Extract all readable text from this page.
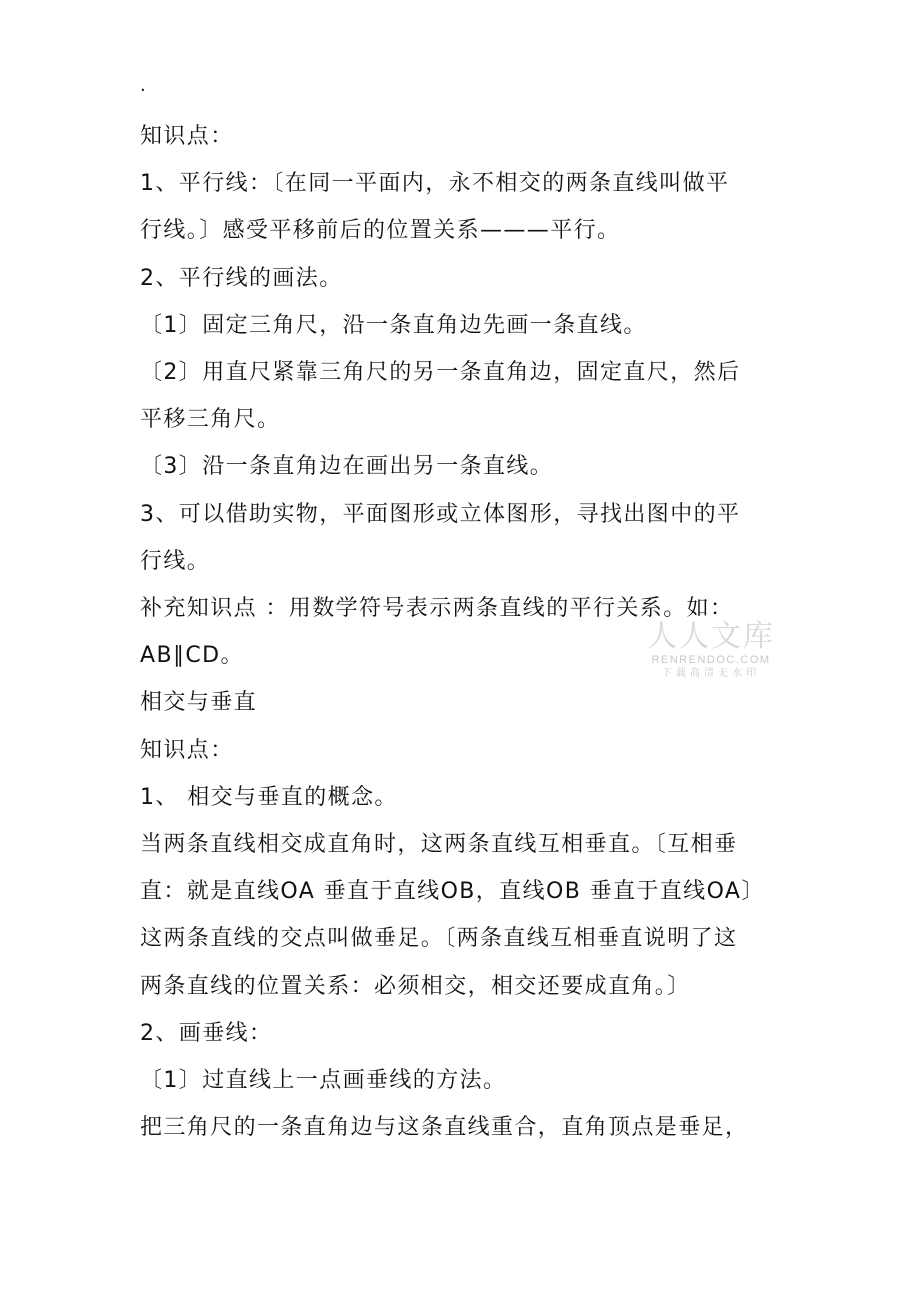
.

知识点：

1、平行线：〔在同一平面内，永不相交的两条直线叫做平

行线。〕感受平移前后的位置关系———平行。

2、平行线的画法。

〔1〕固定三角尺，沿一条直角边先画一条直线。

〔2〕用直尺紧靠三角尺的另一条直角边，固定直尺，然后

平移三角尺。

〔3〕沿一条直角边在画出另一条直线。

3、可以借助实物，平面图形或立体图形，寻找出图中的平

行线。

补充知识点 ：用数学符号表示两条直线的平行关系。如：

AB∥CD。

相交与垂直

知识点：

1、 相交与垂直的概念。

当两条直线相交成直角时，这两条直线互相垂直。〔互相垂

直：就是直线OA 垂直于直线OB，直线OB 垂直于直线OA〕

这两条直线的交点叫做垂足。〔两条直线互相垂直说明了这

两条直线的位置关系：必须相交，相交还要成直角。〕

2、画垂线：

〔1〕过直线上一点画垂线的方法。

把三角尺的一条直角边与这条直线重合，直角顶点是垂足，

人人文库
RENRENDOC.COM
下载高清无水印
